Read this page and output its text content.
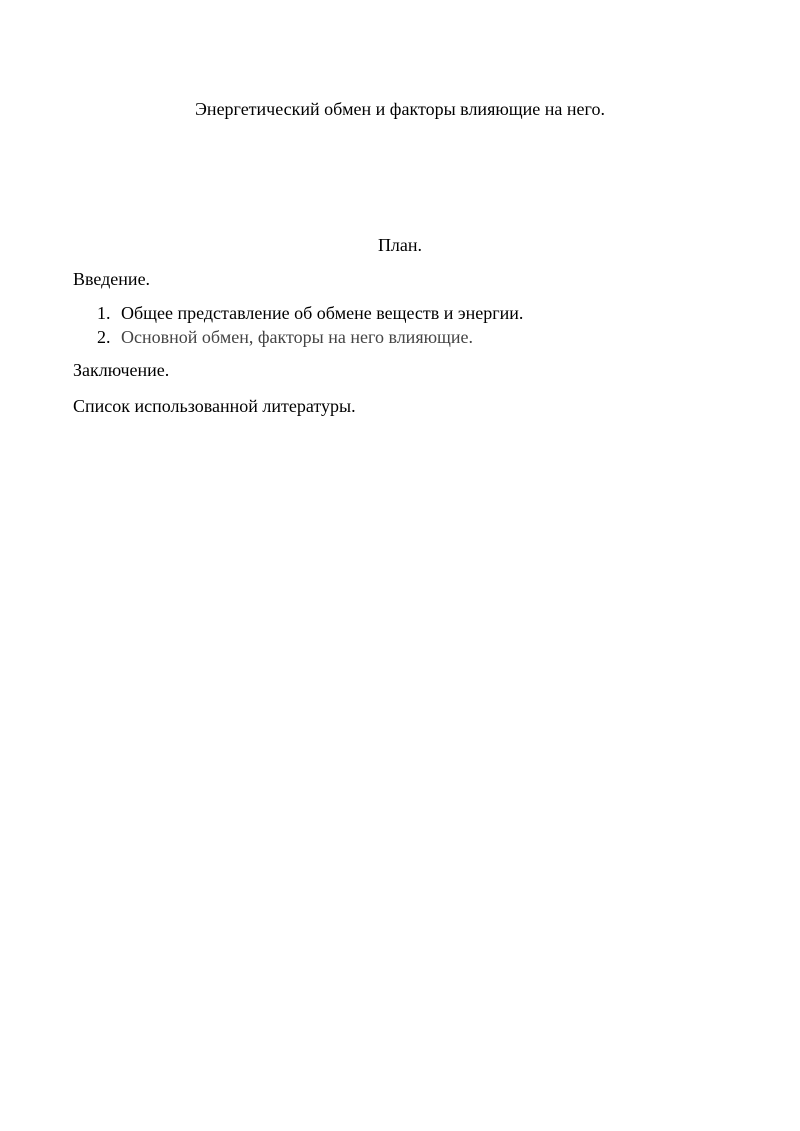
Энергетический обмен и факторы влияющие на него.
План.

Введение.

1. Общее представление об обмене веществ и энергии.
2. Основной обмен, факторы на него влияющие.

Заключение.

Список использованной литературы.
